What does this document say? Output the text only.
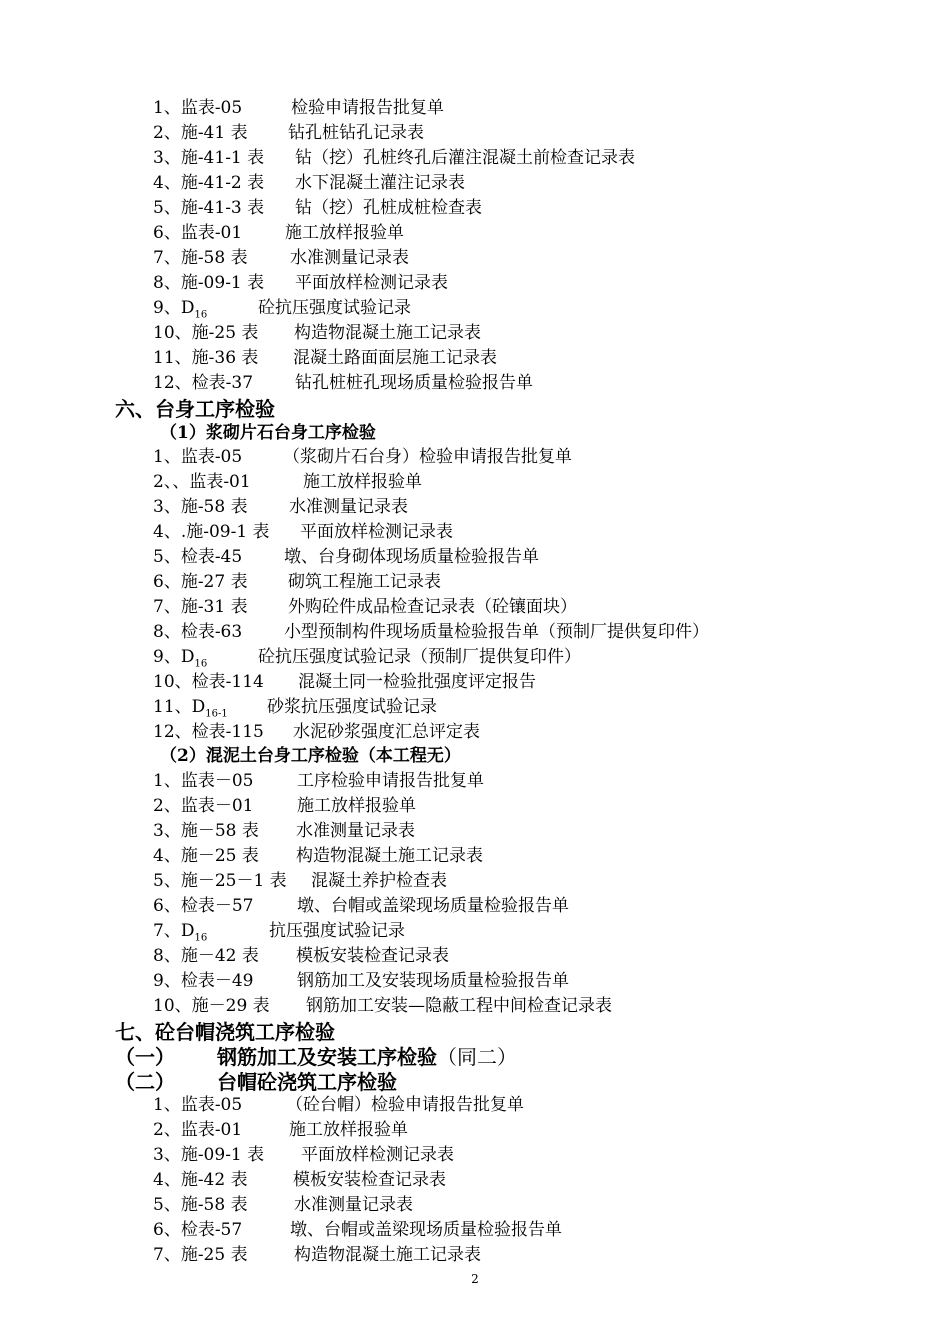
1、监表-05	检验申请报告批复单
2、施-41 表 钻孔桩钻孔记录表
3、施-41-1 表 钻（挖）孔桩终孔后灌注混凝土前检查记录表
4、施-41-2 表 水下混凝土灌注记录表
5、施-41-3 表 钻（挖）孔桩成桩检查表
6、监表-01	施工放样报验单
7、施-58 表 水准测量记录表
8、施-09-1 表 平面放样检测记录表
9、$D_{16}$	砼抗压强度试验记录
10、施-25 表 构造物混凝土施工记录表
11、施-36 表 混凝土路面面层施工记录表
12、检表-37 钻孔桩桩孔现场质量检验报告单
六、台身工序检验
（1）浆砌片石台身工序检验
1、监表-05 （浆砌片石台身）检验申请报告批复单
2、、监表-01	施工放样报验单
3、施-58 表 水准测量记录表
4、.施-09-1 表 平面放样检测记录表
5、检表-45 墩、台身砌体现场质量检验报告单
6、施-27 表 砌筑工程施工记录表
7、施-31 表 外购砼件成品检查记录表（砼镶面块）
8、检表-63 小型预制构件现场质量检验报告单（预制厂提供复印件）
9、$D_{16}$	砼抗压强度试验记录（预制厂提供复印件）
10、检表-114 混凝土同一检验批强度评定报告
11、$D_{16-1}$ 砂浆抗压强度试验记录
12、检表-115 水泥砂浆强度汇总评定表
（2）混泥土台身工序检验（本工程无）
1、监表－05	工序检验申请报告批复单
2、监表－01	施工放样报验单
3、施－58 表 水准测量记录表
4、施－25 表 构造物混凝土施工记录表
5、施－25－1 表 混凝土养护检查表
6、检表－57	墩、台帽或盖梁现场质量检验报告单
7、$D_{16}$	抗压强度试验记录
8、施－42 表 模板安装检查记录表
9、检表－49	钢筋加工及安装现场质量检验报告单
10、施－29 表 钢筋加工安装—隐蔽工程中间检查记录表
七、砼台帽浇筑工序检验
（一） 钢筋加工及安装工序检验（同二）
（二） 台帽砼浇筑工序检验
1、监表-05	（砼台帽）检验申请报告批复单
2、监表-01	施工放样报验单
3、施-09-1 表 平面放样检测记录表
4、施-42 表	模板安装检查记录表
5、施-58 表	水准测量记录表
6、检表-57	墩、台帽或盖梁现场质量检验报告单
7、施-25 表	构造物混凝土施工记录表
2
